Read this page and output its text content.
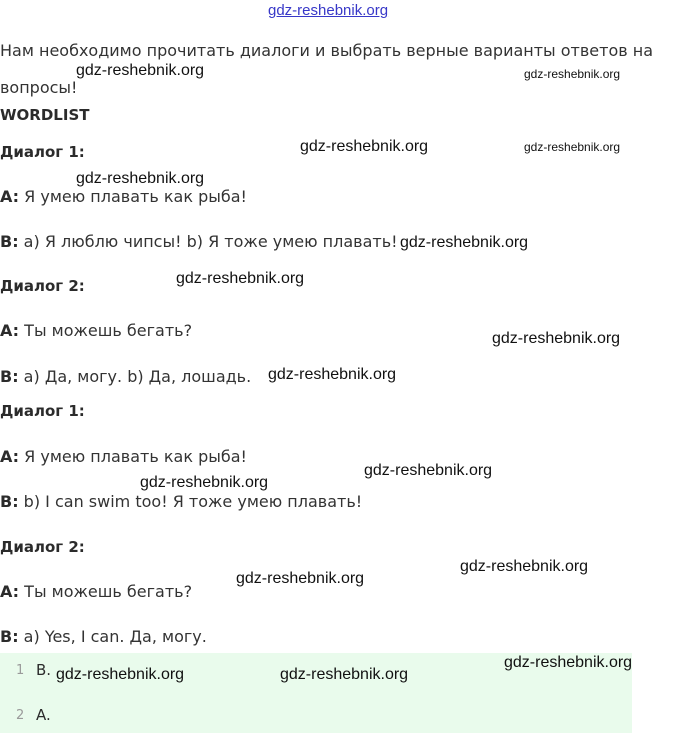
gdz-reshebnik.org
Нам необходимо прочитать диалоги и выбрать верные варианты ответов на вопросы!
WORDLIST
Диалог 1:
A: Я умею плавать как рыба!
B: a) Я люблю чипсы! b) Я тоже умею плавать!
Диалог 2:
A: Ты можешь бегать?
B: a) Да, могу. b) Да, лошадь.
Диалог 1:
A: Я умею плавать как рыба!
B: b) I can swim too! Я тоже умею плавать!
Диалог 2:
A: Ты можешь бегать?
B: a) Yes, I can. Да, могу.
1 B.
2 A.
gdz-reshebnik.org	gdz-reshebnik.org
gdz-reshebnik.org	gdz-reshebnik.org
gdz-reshebnik.org
gdz-reshebnik.org
gdz-reshebnik.org
gdz-reshebnik.org
gdz-reshebnik.org
gdz-reshebnik.org
gdz-reshebnik.org
gdz-reshebnik.org
gdz-reshebnik.org
gdz-reshebnik.org
gdz-reshebnik.org	gdz-reshebnik.org
